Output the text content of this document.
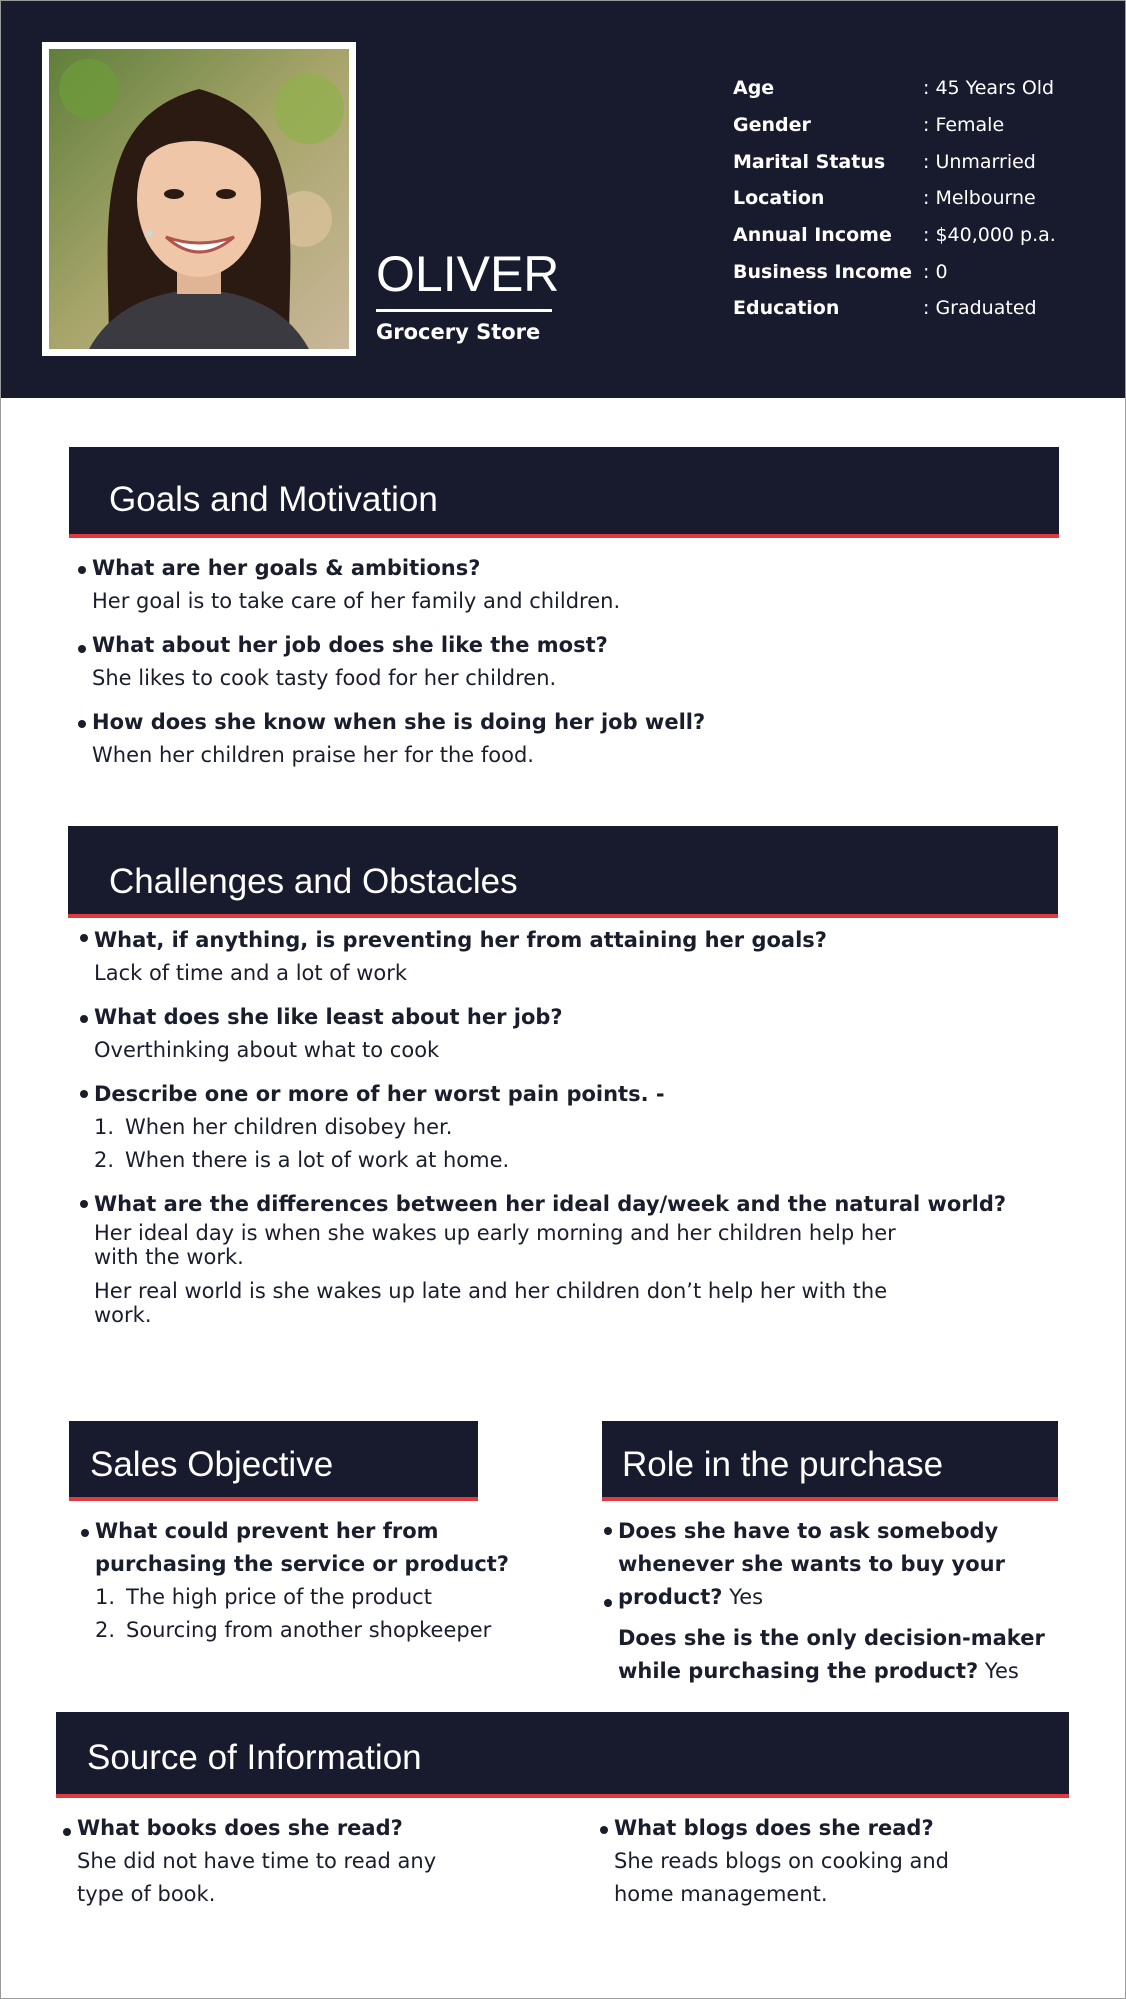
OLIVER
Grocery Store
Age	: 45 Years Old
Gender	: Female
Marital Status	: Unmarried
Location	: Melbourne
Annual Income	: $40,000 p.a.
Business Income : 0
Education	: Graduated
Goals and Motivation
What are her goals & ambitions?
Her goal is to take care of her family and children.
What about her job does she like the most?
She likes to cook tasty food for her children.
How does she know when she is doing her job well?
When her children praise her for the food.
Challenges and Obstacles
What, if anything, is preventing her from attaining her goals?
Lack of time and a lot of work
What does she like least about her job?
Overthinking about what to cook
Describe one or more of her worst pain points. -
1. When her children disobey her.
2. When there is a lot of work at home.
What are the differences between her ideal day/week and the natural world?
Her ideal day is when she wakes up early morning and her children help her
with the work.
Her real world is she wakes up late and her children don’t help her with the
work.
Sales Objective
What could prevent her from
purchasing the service or product?
1. The high price of the product
2. Sourcing from another shopkeeper
Role in the purchase
Does she have to ask somebody
whenever she wants to buy your
product? Yes
Does she is the only decision-maker
while purchasing the product? Yes
Source of Information
What books does she read?
She did not have time to read any
type of book.
What blogs does she read?
She reads blogs on cooking and
home management.
